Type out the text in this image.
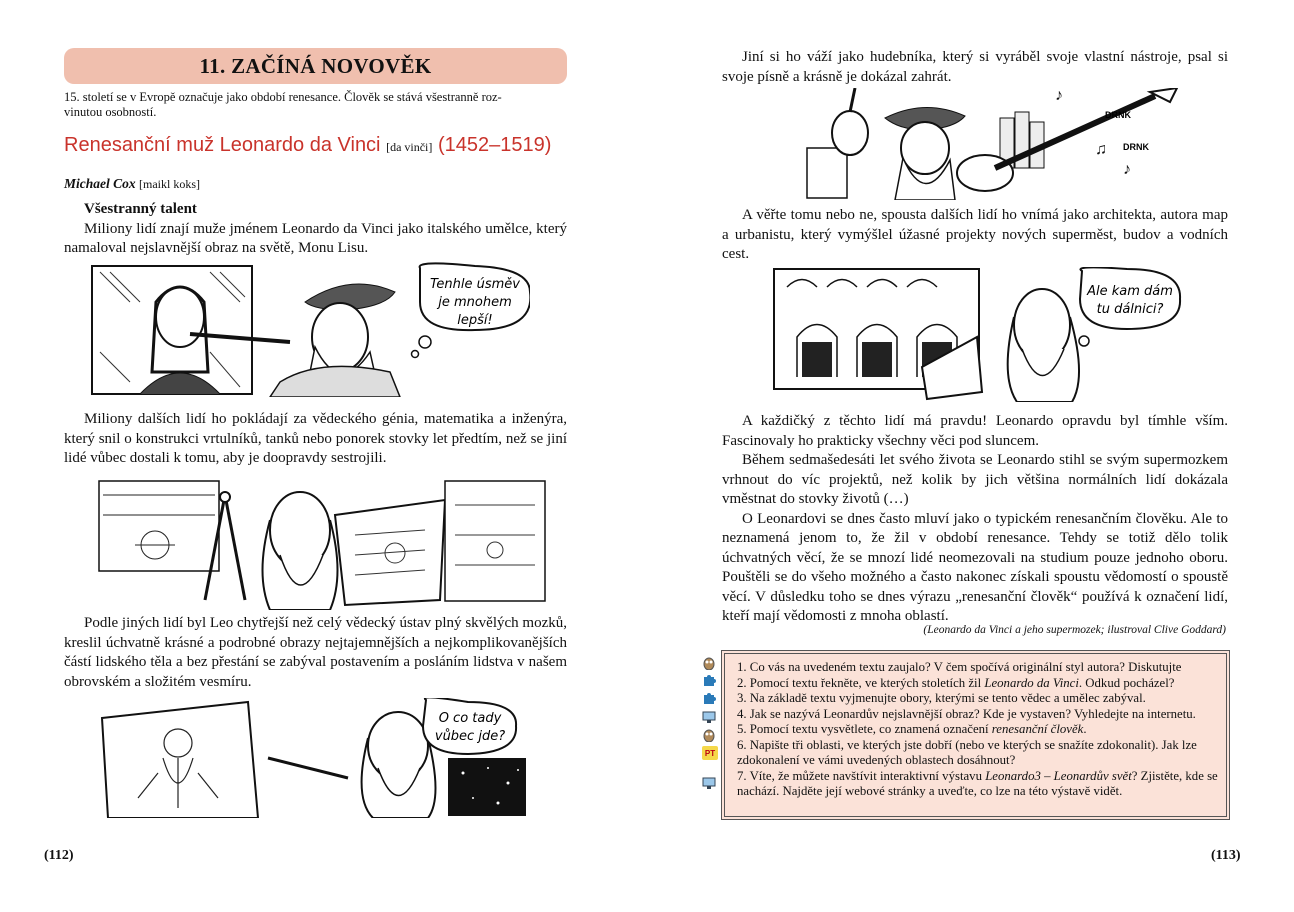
11. ZAČÍNÁ NOVOVĚK
15. století se v Evropě označuje jako období renesance. Člověk se stává všestranně roz-
vinutou osobností.
Renesanční muž Leonardo da Vinci [da vinči] (1452–1519)
Michael Cox [maikl koks]
Všestranný talent

Miliony lidí znají muže jménem Leonardo da Vinci jako italského umělce, který namaloval nejslavnější obraz na světě, Monu Lisu.

Tenhle úsměv
je mnohem
lepší!

Miliony dalších lidí ho pokládají za vědeckého génia, matematika a inženýra, který snil o konstrukci vrtulníků, tanků nebo ponorek stovky let předtím, než se jiní lidé vůbec dostali k tomu, aby je doopravdy sestrojili.

Podle jiných lidí byl Leo chytřejší než celý vědecký ústav plný skvělých mozků, kreslil úchvatně krásné a podrobné obrazy nejtajemnějších a nejkomplikovanějších částí lidského těla a bez přestání se zabýval postavením a posláním lidstva v našem obrovském a složitém vesmíru.

O co tady
vůbec jde?
(112)

Jiní si ho váží jako hudebníka, který si vyráběl svoje vlastní nástroje, psal si svoje písně a krásně je dokázal zahrát.

DRNK
DRNK
♪
♫
♪

A věřte tomu nebo ne, spousta dalších lidí ho vnímá jako architekta, autora map a urbanistu, který vymýšlel úžasné projekty nových superměst, budov a vodních cest.

Ale kam dám
tu dálnici?

A každičký z těchto lidí má pravdu! Leonardo opravdu byl tímhle vším. Fascinovaly ho prakticky všechny věci pod sluncem.

Během sedmašedesáti let svého života se Leonardo stihl se svým supermozkem vrhnout do víc projektů, než kolik by jich většina normálních lidí dokázala vměstnat do stovky životů (…)

O Leonardovi se dnes často mluví jako o typickém renesančním člověku. Ale to neznamená jenom to, že žil v období renesance. Tehdy se totiž dělo tolik úchvatných věcí, že se mnozí lidé neomezovali na studium pouze jednoho oboru. Pouštěli se do všeho možného a často nakonec získali spoustu vědomostí o spoustě věcí. V důsledku toho se dnes výrazu „renesanční člověk“ používá k označení lidí, kteří mají vědomosti z mnoha oblastí.

(Leonardo da Vinci a jeho supermozek; ilustroval Clive Goddard)
PT
1. Co vás na uvedeném textu zaujalo? V čem spočívá originální styl autora? Diskutujte
2. Pomocí textu řekněte, ve kterých stoletích žil Leonardo da Vinci. Odkud pocházel?
3. Na základě textu vyjmenujte obory, kterými se tento vědec a umělec zabýval.
4. Jak se nazývá Leonardův nejslavnější obraz? Kde je vystaven? Vyhledejte na internetu.
5. Pomocí textu vysvětlete, co znamená označení renesanční člověk.
6. Napište tři oblasti, ve kterých jste dobří (nebo ve kterých se snažíte zdokonalit). Jak lze zdokonalení ve vámi uvedených oblastech dosáhnout?
7. Víte, že můžete navštívit interaktivní výstavu Leonardo3 – Leonardův svět? Zjistěte, kde se nachází. Najděte její webové stránky a uveďte, co lze na této výstavě vidět.
(113)
